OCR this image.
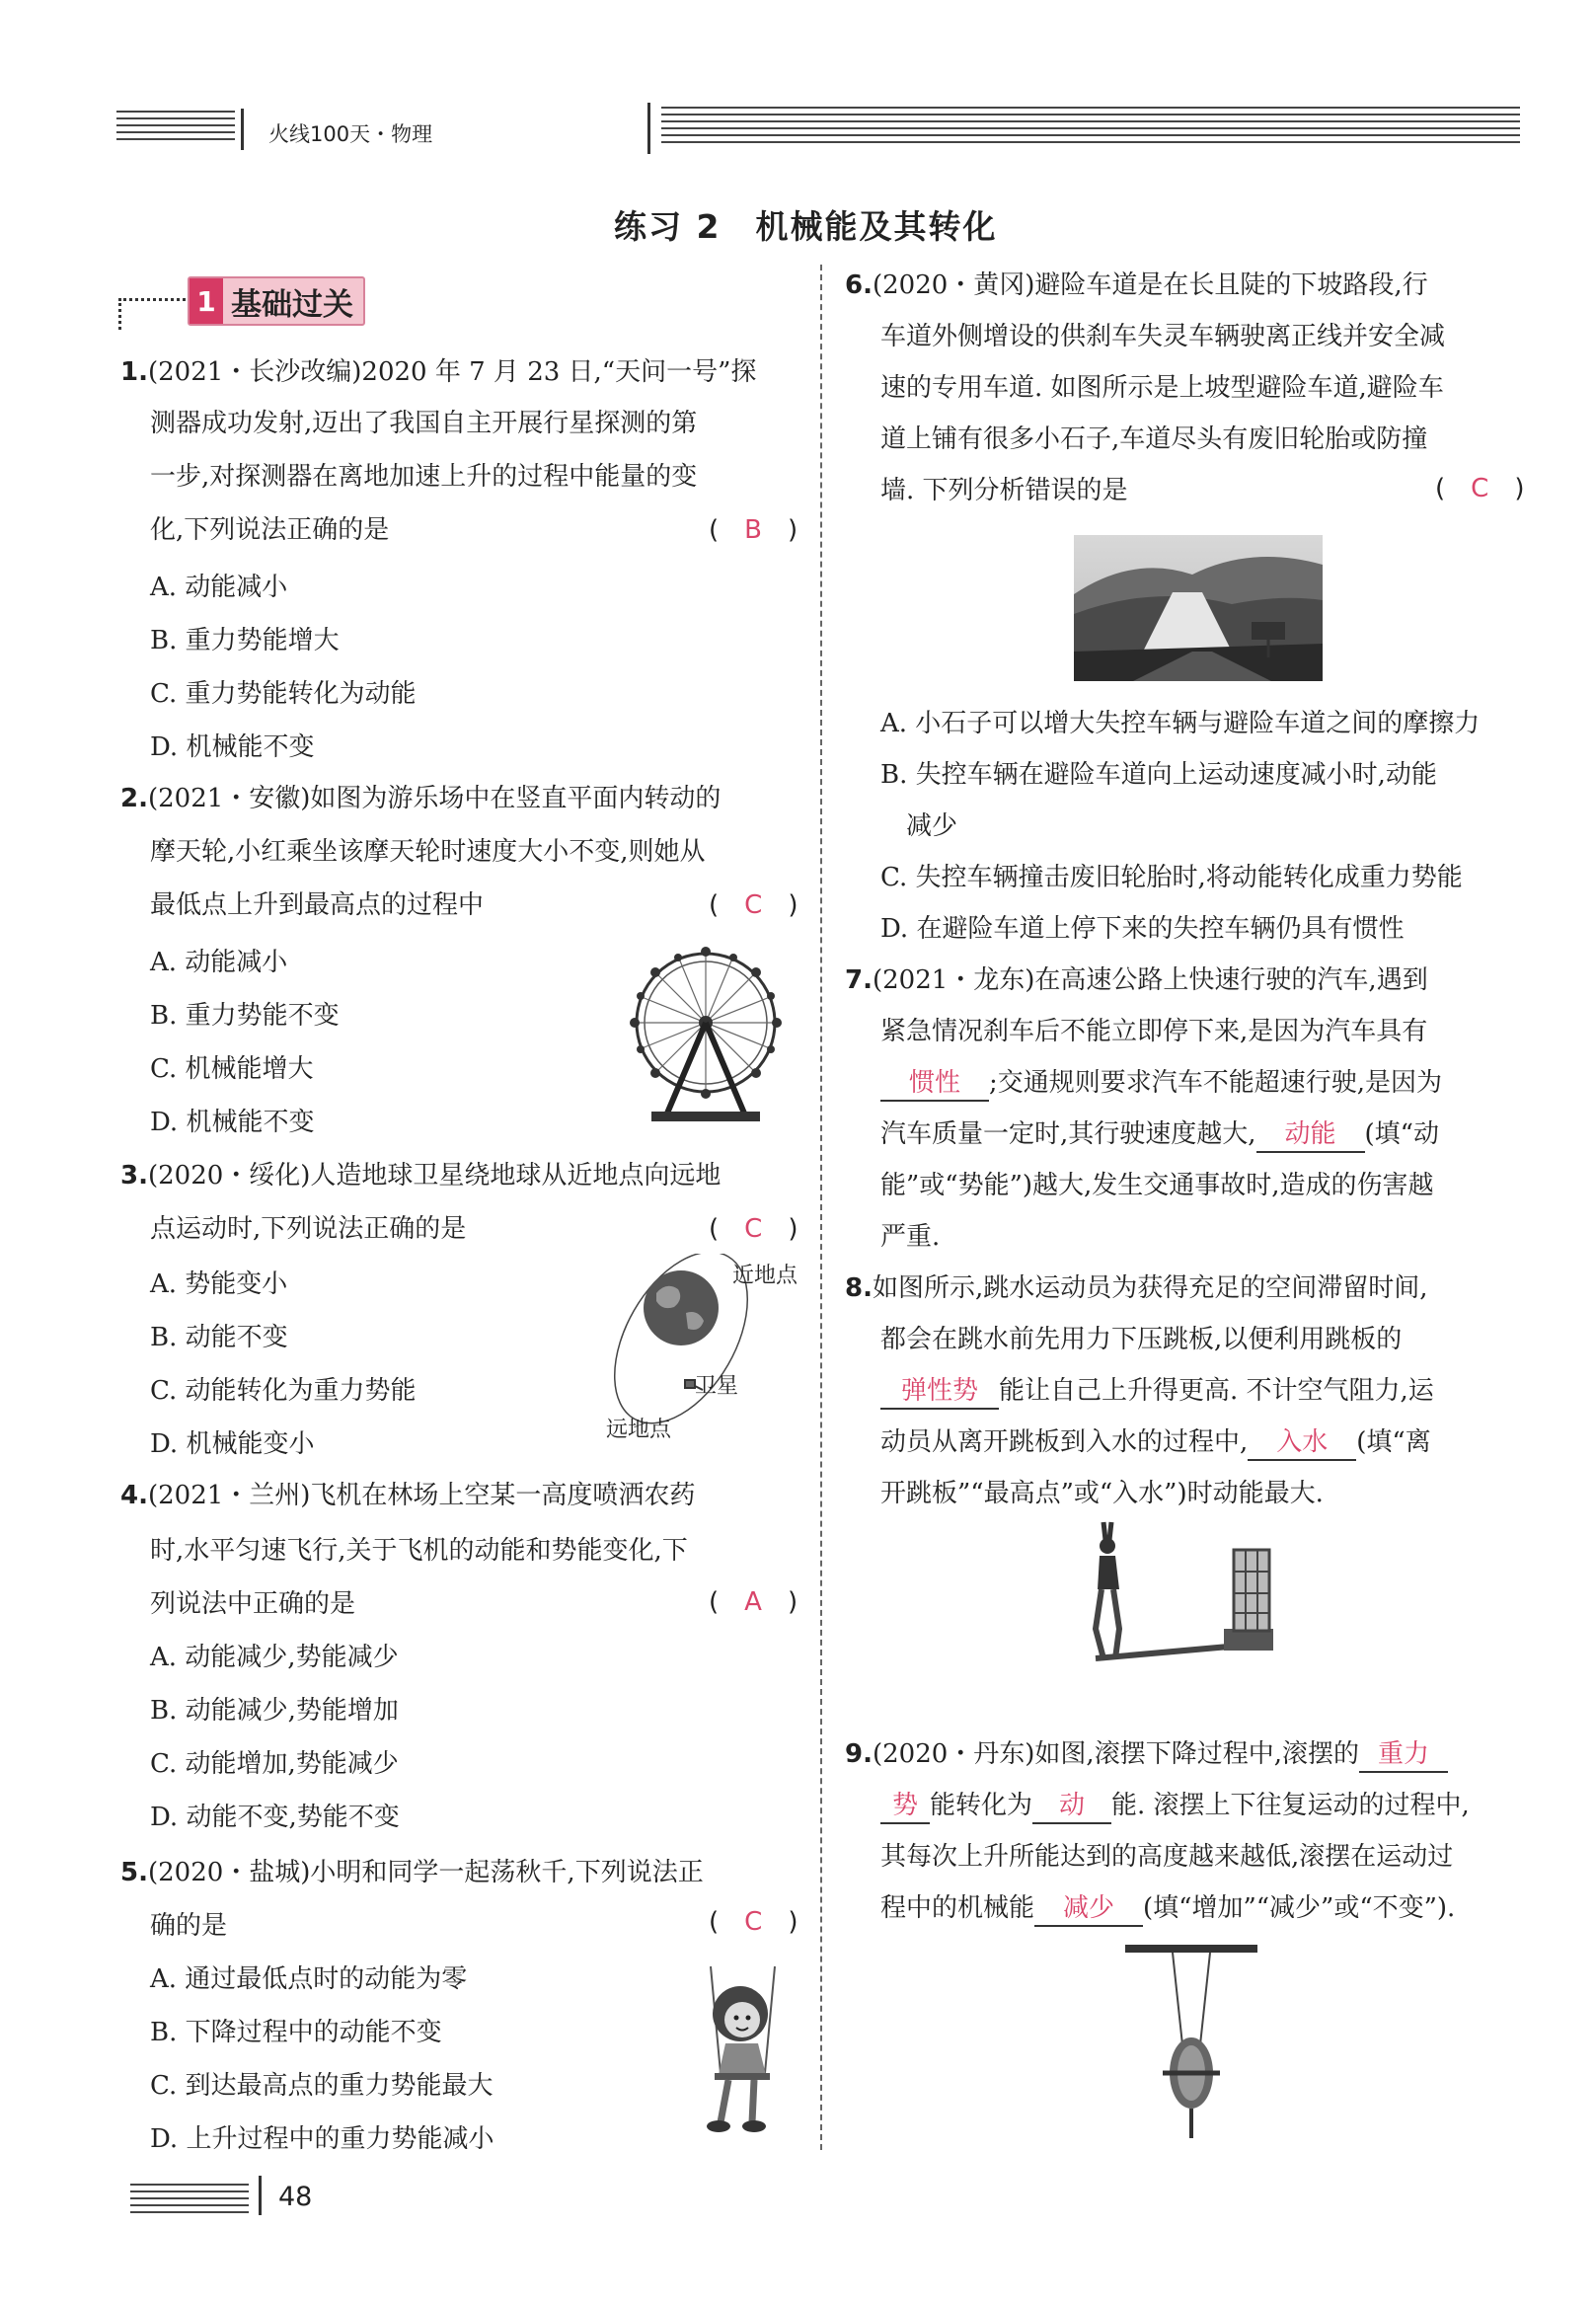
火线100天・物理
练习 2　机械能及其转化
1 基础过关
1.(2021・长沙改编)2020 年 7 月 23 日,“天问一号”探
测器成功发射,迈出了我国自主开展行星探测的第
一步,对探测器在离地加速上升的过程中能量的变
化,下列说法正确的是	(　B　)
A. 动能减小
B. 重力势能增大
C. 重力势能转化为动能
D. 机械能不变
2.(2021・安徽)如图为游乐场中在竖直平面内转动的
摩天轮,小红乘坐该摩天轮时速度大小不变,则她从
最低点上升到最高点的过程中	(　C　)
A. 动能减小
B. 重力势能不变
C. 机械能增大
D. 机械能不变
3.(2020・绥化)人造地球卫星绕地球从近地点向远地
点运动时,下列说法正确的是	(　C　)
A. 势能变小
B. 动能不变
C. 动能转化为重力势能
D. 机械能变小
近地点
卫星
远地点
4.(2021・兰州)飞机在林场上空某一高度喷洒农药
时,水平匀速飞行,关于飞机的动能和势能变化,下
列说法中正确的是	(　A　)
A. 动能减少,势能减少
B. 动能减少,势能增加
C. 动能增加,势能减少
D. 动能不变,势能不变
5.(2020・盐城)小明和同学一起荡秋千,下列说法正
确的是	(　C　)
A. 通过最低点时的动能为零
B. 下降过程中的动能不变
C. 到达最高点的重力势能最大
D. 上升过程中的重力势能减小
6.(2020・黄冈)避险车道是在长且陡的下坡路段,行
车道外侧增设的供刹车失灵车辆驶离正线并安全减
速的专用车道. 如图所示是上坡型避险车道,避险车
道上铺有很多小石子,车道尽头有废旧轮胎或防撞
墙. 下列分析错误的是	(　C　)
A. 小石子可以增大失控车辆与避险车道之间的摩擦力
B. 失控车辆在避险车道向上运动速度减小时,动能
　减少
C. 失控车辆撞击废旧轮胎时,将动能转化成重力势能
D. 在避险车道上停下来的失控车辆仍具有惯性
7.(2021・龙东)在高速公路上快速行驶的汽车,遇到
紧急情况刹车后不能立即停下来,是因为汽车具有
惯性 ;交通规则要求汽车不能超速行驶,是因为
汽车质量一定时,其行驶速度越大, 动能 (填“动
能”或“势能”)越大,发生交通事故时,造成的伤害越
严重.
8.如图所示,跳水运动员为获得充足的空间滞留时间,
都会在跳水前先用力下压跳板,以便利用跳板的
弹性势 能让自己上升得更高. 不计空气阻力,运
动员从离开跳板到入水的过程中, 入水 (填“离
开跳板”“最高点”或“入水”)时动能最大.
9.(2020・丹东)如图,滚摆下降过程中,滚摆的 重力
势 能转化为 动 能. 滚摆上下往复运动的过程中,
其每次上升所能达到的高度越来越低,滚摆在运动过
程中的机械能 减少 (填“增加”“减少”或“不变”).
48
